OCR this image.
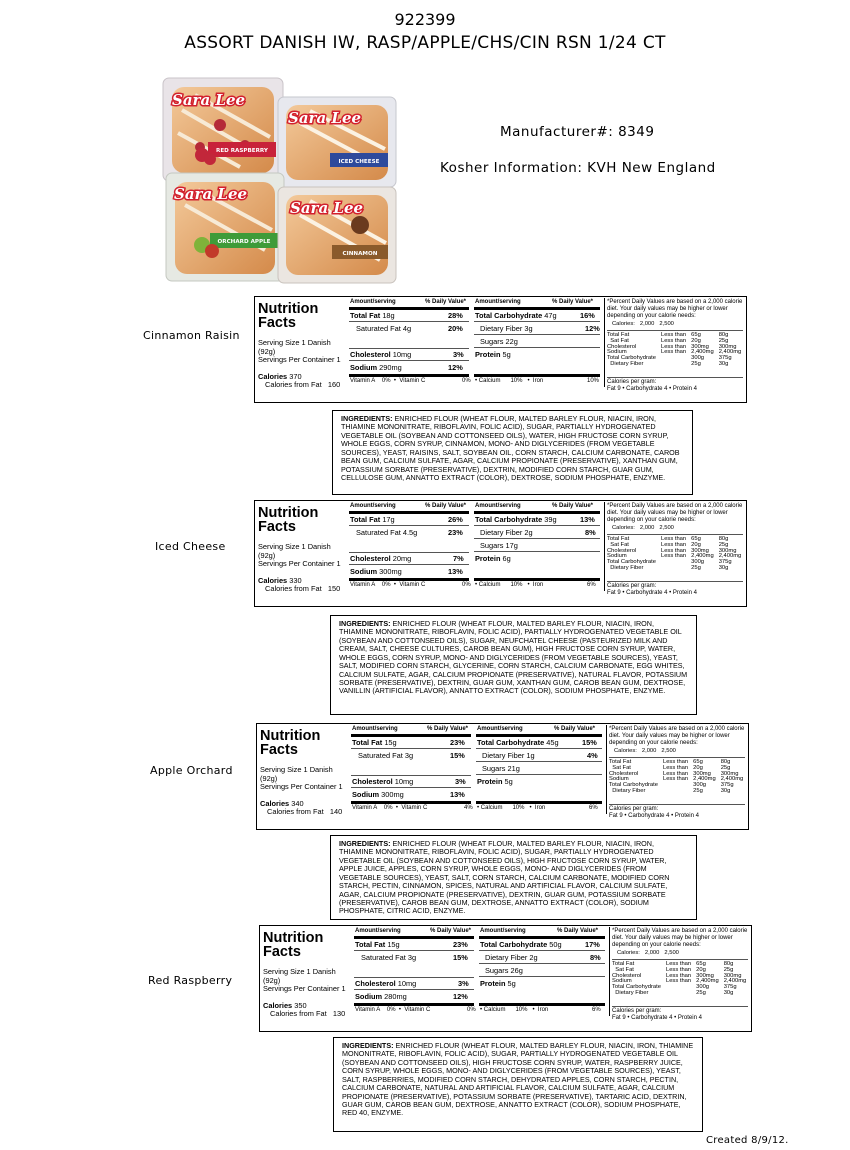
922399
ASSORT DANISH IW, RASP/APPLE/CHS/CIN RSN 1/24 CT
Sara Lee
RED RASPBERRY
Sara Lee
ICED CHEESE
Sara Lee
ORCHARD APPLE
Sara Lee
CINNAMON
Manufacturer#: 8349
Kosher Information: KVH New England
Cinnamon Raisin
Iced Cheese
Apple Orchard
Red Raspberry
Nutrition
Facts
Serving Size 1 Danish
(92g)
Servings Per Container 1
Calories 370
Calories from Fat 160
Amount/serving	% Daily Value*
Total Fat 18g	28%
Saturated Fat 4g	20%
Cholesterol 10mg	3%
Sodium 290mg	12%
Amount/serving	% Daily Value*
Total Carbohydrate 47g	16%
Dietary Fiber 3g	12%
Sugars 22g
Protein 5g
Vitamin A 0%  •  Vitamin C	0% • Calcium 10%   •  Iron	10%
*Percent Daily Values are based on a 2,000 calorie diet. Your daily values may be higher or lower depending on your calorie needs:
	Calories:	2,000	2,500
Total Fat	Less than	65g	80g
Sat Fat	Less than	20g	25g
Cholesterol	Less than	300mg	300mg
Sodium	Less than	2,400mg	2,400mg
Total Carbohydrate		300g	375g
Dietary Fiber		25g	30g
Calories per gram:
Fat 9 • Carbohydrate 4 • Protein 4
Nutrition
Facts
Serving Size 1 Danish
(92g)
Servings Per Container 1
Calories 330
Calories from Fat 150
Amount/serving	% Daily Value*
Total Fat 17g	26%
Saturated Fat 4.5g	23%
Cholesterol 20mg	7%
Sodium 300mg	13%
Amount/serving	% Daily Value*
Total Carbohydrate 39g	13%
Dietary Fiber 2g	8%
Sugars 17g
Protein 6g
Vitamin A 0%  •  Vitamin C	0% • Calcium 10%   •  Iron	6%
*Percent Daily Values are based on a 2,000 calorie diet. Your daily values may be higher or lower depending on your calorie needs:
	Calories:	2,000	2,500
Total Fat	Less than	65g	80g
Sat Fat	Less than	20g	25g
Cholesterol	Less than	300mg	300mg
Sodium	Less than	2,400mg	2,400mg
Total Carbohydrate		300g	375g
Dietary Fiber		25g	30g
Calories per gram:
Fat 9 • Carbohydrate 4 • Protein 4
Nutrition
Facts
Serving Size 1 Danish
(92g)
Servings Per Container 1
Calories 340
Calories from Fat 140
Amount/serving	% Daily Value*
Total Fat 15g	23%
Saturated Fat 3g	15%
Cholesterol 10mg	3%
Sodium 300mg	13%
Amount/serving	% Daily Value*
Total Carbohydrate 45g	15%
Dietary Fiber 1g	4%
Sugars 21g
Protein 5g
Vitamin A 0%  •  Vitamin C	4% • Calcium 10%   •  Iron	6%
*Percent Daily Values are based on a 2,000 calorie diet. Your daily values may be higher or lower depending on your calorie needs:
	Calories:	2,000	2,500
Total Fat	Less than	65g	80g
Sat Fat	Less than	20g	25g
Cholesterol	Less than	300mg	300mg
Sodium	Less than	2,400mg	2,400mg
Total Carbohydrate		300g	375g
Dietary Fiber		25g	30g
Calories per gram:
Fat 9 • Carbohydrate 4 • Protein 4
Nutrition
Facts
Serving Size 1 Danish
(92g)
Servings Per Container 1
Calories 350
Calories from Fat 130
Amount/serving	% Daily Value*
Total Fat 15g	23%
Saturated Fat 3g	15%
Cholesterol 10mg	3%
Sodium 280mg	12%
Amount/serving	% Daily Value*
Total Carbohydrate 50g	17%
Dietary Fiber 2g	8%
Sugars 26g
Protein 5g
Vitamin A 0%  •  Vitamin C	0% • Calcium 10%   •  Iron	6%
*Percent Daily Values are based on a 2,000 calorie diet. Your daily values may be higher or lower depending on your calorie needs:
	Calories:	2,000	2,500
Total Fat	Less than	65g	80g
Sat Fat	Less than	20g	25g
Cholesterol	Less than	300mg	300mg
Sodium	Less than	2,400mg	2,400mg
Total Carbohydrate		300g	375g
Dietary Fiber		25g	30g
Calories per gram:
Fat 9 • Carbohydrate 4 • Protein 4
INGREDIENTS: ENRICHED FLOUR (WHEAT FLOUR, MALTED BARLEY FLOUR, NIACIN, IRON, THIAMINE MONONITRATE, RIBOFLAVIN, FOLIC ACID), SUGAR, PARTIALLY HYDROGENATED VEGETABLE OIL (SOYBEAN AND COTTONSEED OILS), WATER, HIGH FRUCTOSE CORN SYRUP, WHOLE EGGS, CORN SYRUP, CINNAMON, MONO- AND DIGLYCERIDES (FROM VEGETABLE SOURCES), YEAST, RAISINS, SALT, SOYBEAN OIL, CORN STARCH, CALCIUM CARBONATE, CAROB BEAN GUM, CALCIUM SULFATE, AGAR, CALCIUM PROPIONATE (PRESERVATIVE), XANTHAN GUM, POTASSIUM SORBATE (PRESERVATIVE), DEXTRIN, MODIFIED CORN STARCH, GUAR GUM, CELLULOSE GUM, ANNATTO EXTRACT (COLOR), DEXTROSE, SODIUM PHOSPHATE, ENZYME.
INGREDIENTS: ENRICHED FLOUR (WHEAT FLOUR, MALTED BARLEY FLOUR, NIACIN, IRON, THIAMINE MONONITRATE, RIBOFLAVIN, FOLIC ACID), PARTIALLY HYDROGENATED VEGETABLE OIL (SOYBEAN AND COTTONSEED OILS), SUGAR, NEUFCHATEL CHEESE (PASTEURIZED MILK AND CREAM, SALT, CHEESE CULTURES, CAROB BEAN GUM), HIGH FRUCTOSE CORN SYRUP, WATER, WHOLE EGGS, CORN SYRUP, MONO- AND DIGLYCERIDES (FROM VEGETABLE SOURCES), YEAST, SALT, MODIFIED CORN STARCH, GLYCERINE, CORN STARCH, CALCIUM CARBONATE, EGG WHITES, CALCIUM SULFATE, AGAR, CALCIUM PROPIONATE (PRESERVATIVE), NATURAL FLAVOR, POTASSIUM SORBATE (PRESERVATIVE), DEXTRIN, GUAR GUM, XANTHAN GUM, CAROB BEAN GUM, DEXTROSE, VANILLIN (ARTIFICIAL FLAVOR), ANNATTO EXTRACT (COLOR), SODIUM PHOSPHATE, ENZYME.
INGREDIENTS: ENRICHED FLOUR (WHEAT FLOUR, MALTED BARLEY FLOUR, NIACIN, IRON, THIAMINE MONONITRATE, RIBOFLAVIN, FOLIC ACID), SUGAR, PARTIALLY HYDROGENATED VEGETABLE OIL (SOYBEAN AND COTTONSEED OILS), HIGH FRUCTOSE CORN SYRUP, WATER, APPLE JUICE, APPLES, CORN SYRUP, WHOLE EGGS, MONO- AND DIGLYCERIDES (FROM VEGETABLE SOURCES), YEAST, SALT, CORN STARCH, CALCIUM CARBONATE, MODIFIED CORN STARCH, PECTIN, CINNAMON, SPICES, NATURAL AND ARTIFICIAL FLAVOR, CALCIUM SULFATE, AGAR, CALCIUM PROPIONATE (PRESERVATIVE), DEXTRIN, GUAR GUM, POTASSIUM SORBATE (PRESERVATIVE), CAROB BEAN GUM, DEXTROSE, ANNATTO EXTRACT (COLOR), SODIUM PHOSPHATE, CITRIC ACID, ENZYME.
INGREDIENTS: ENRICHED FLOUR (WHEAT FLOUR, MALTED BARLEY FLOUR, NIACIN, IRON, THIAMINE MONONITRATE, RIBOFLAVIN, FOLIC ACID), SUGAR, PARTIALLY HYDROGENATED VEGETABLE OIL (SOYBEAN AND COTTONSEED OILS), HIGH FRUCTOSE CORN SYRUP, WATER, RASPBERRY JUICE, CORN SYRUP, WHOLE EGGS, MONO- AND DIGLYCERIDES (FROM VEGETABLE SOURCES), YEAST, SALT, RASPBERRIES, MODIFIED CORN STARCH, DEHYDRATED APPLES, CORN STARCH, PECTIN, CALCIUM CARBONATE, NATURAL AND ARTIFICIAL FLAVOR, CALCIUM SULFATE, AGAR, CALCIUM PROPIONATE (PRESERVATIVE), POTASSIUM SORBATE (PRESERVATIVE), TARTARIC ACID, DEXTRIN, GUAR GUM, CAROB BEAN GUM, DEXTROSE, ANNATTO EXTRACT (COLOR), SODIUM PHOSPHATE, RED 40, ENZYME.
Created 8/9/12.
